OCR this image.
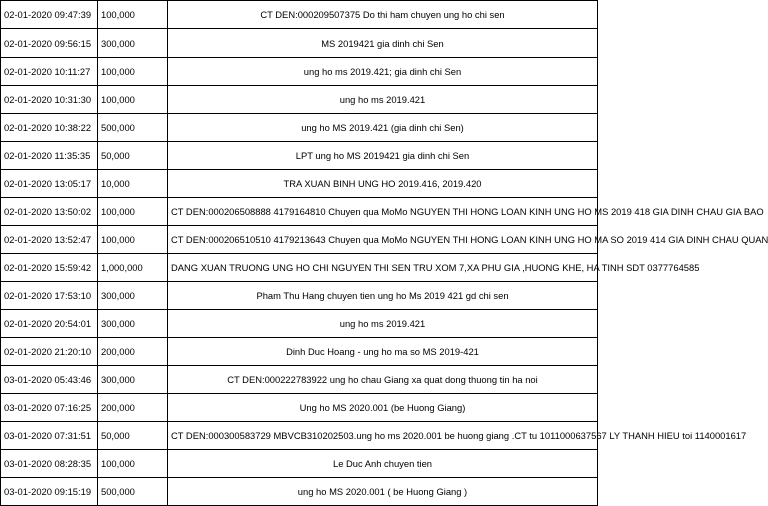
02-01-2020 09:47:39	100,000	CT DEN:000209507375 Do thi ham chuyen ung ho chi sen
02-01-2020 09:56:15	300,000	MS 2019421 gia dinh chi Sen
02-01-2020 10:11:27	100,000	ung ho ms 2019.421; gia dinh chi Sen
02-01-2020 10:31:30	100,000	ung ho ms 2019.421
02-01-2020 10:38:22	500,000	ung ho MS 2019.421 (gia dinh chi Sen)
02-01-2020 11:35:35	50,000	LPT ung ho MS 2019421 gia dinh chi Sen
02-01-2020 13:05:17	10,000	TRA XUAN BINH UNG HO 2019.416, 2019.420
02-01-2020 13:50:02	100,000	CT DEN:000206508888 4179164810 Chuyen qua MoMo NGUYEN THI HONG LOAN KINH UNG HO MS 2019 418 GIA DINH CHAU GIA BAO
02-01-2020 13:52:47	100,000	CT DEN:000206510510 4179213643 Chuyen qua MoMo NGUYEN THI HONG LOAN KINH UNG HO MA SO 2019 414 GIA DINH CHAU QUAN
02-01-2020 15:59:42	1,000,000	DANG XUAN TRUONG UNG HO CHI NGUYEN THI SEN TRU XOM 7,XA PHU GIA ,HUONG KHE, HA TINH SDT 0377764585
02-01-2020 17:53:10	300,000	Pham Thu Hang chuyen tien ung ho Ms 2019 421 gd chi sen
02-01-2020 20:54:01	300,000	ung ho ms 2019.421
02-01-2020 21:20:10	200,000	Dinh Duc Hoang - ung ho ma so MS 2019-421
03-01-2020 05:43:46	300,000	CT DEN:000222783922 ung ho chau Giang xa quat dong thuong tin ha noi
03-01-2020 07:16:25	200,000	Ung ho MS 2020.001 (be Huong Giang)
03-01-2020 07:31:51	50,000	CT DEN:000300583729 MBVCB310202503.ung ho ms 2020.001 be huong giang .CT tu 1011000637567 LY THANH HIEU toi 1140001617
03-01-2020 08:28:35	100,000	Le Duc Anh chuyen tien
03-01-2020 09:15:19	500,000	ung ho MS 2020.001 ( be Huong Giang )
